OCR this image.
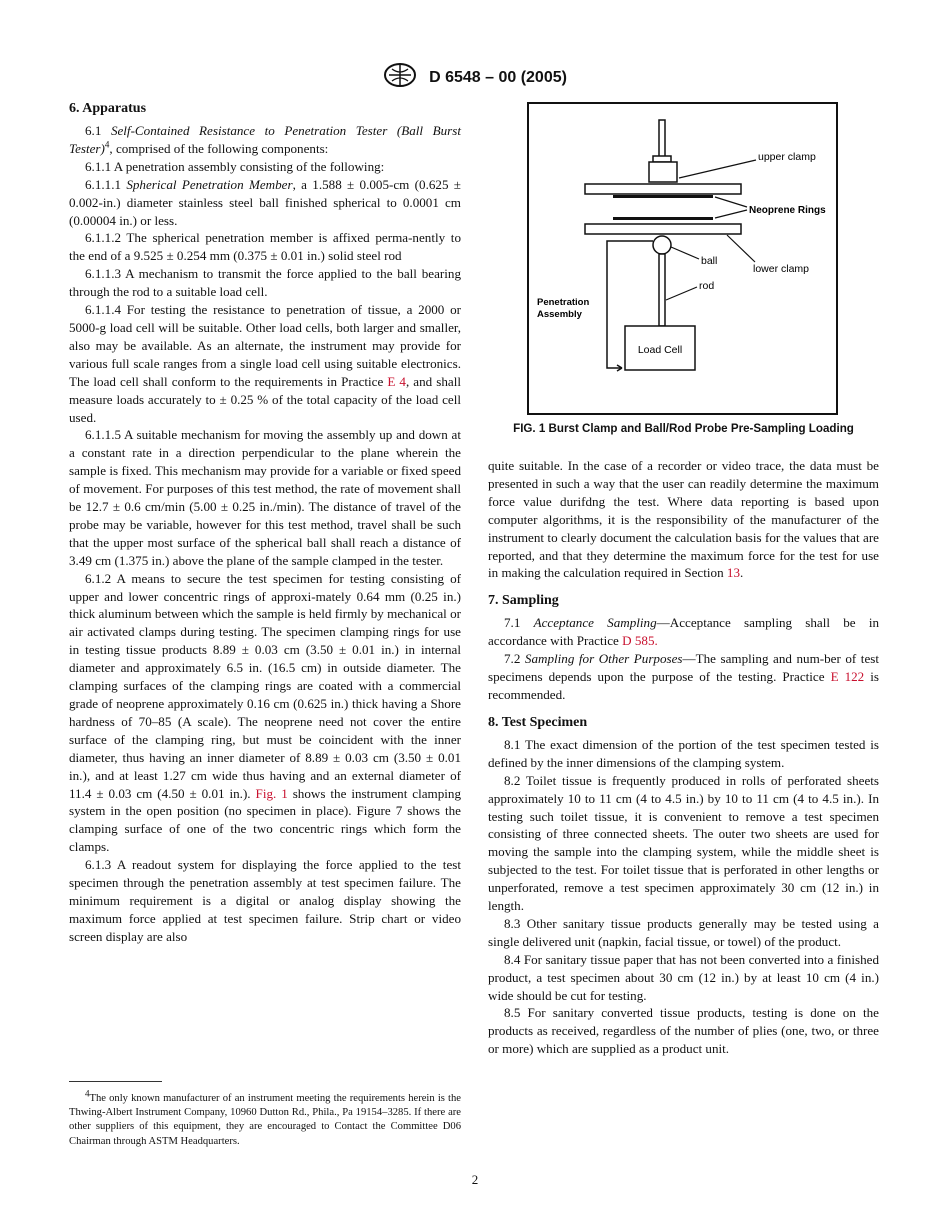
D 6548 – 00 (2005)
6. Apparatus

6.1 Self-Contained Resistance to Penetration Tester (Ball Burst Tester)$^4$, comprised of the following components:

6.1.1 A penetration assembly consisting of the following:

6.1.1.1 Spherical Penetration Member, a 1.588 ± 0.005-cm (0.625 ± 0.002-in.) diameter stainless steel ball finished spherical to 0.0001 cm (0.00004 in.) or less.

6.1.1.2 The spherical penetration member is affixed perma-nently to the end of a 9.525 ± 0.254 mm (0.375 ± 0.01 in.) solid steel rod

6.1.1.3 A mechanism to transmit the force applied to the ball bearing through the rod to a suitable load cell.

6.1.1.4 For testing the resistance to penetration of tissue, a 2000 or 5000-g load cell will be suitable. Other load cells, both larger and smaller, also may be available. As an alternate, the instrument may provide for various full scale ranges from a single load cell using suitable electronics. The load cell shall conform to the requirements in Practice E 4, and shall measure loads accurately to ± 0.25 % of the total capacity of the load cell used.

6.1.1.5 A suitable mechanism for moving the assembly up and down at a constant rate in a direction perpendicular to the plane wherein the sample is fixed. This mechanism may provide for a variable or fixed speed of movement. For purposes of this test method, the rate of movement shall be 12.7 ± 0.6 cm/min (5.00 ± 0.25 in./min). The distance of travel of the probe may be variable, however for this test method, travel shall be such that the upper most surface of the spherical ball shall reach a distance of 3.49 cm (1.375 in.) above the plane of the sample clamped in the tester.

6.1.2 A means to secure the test specimen for testing consisting of upper and lower concentric rings of approxi-mately 0.64 mm (0.25 in.) thick aluminum between which the sample is held firmly by mechanical or air activated clamps during testing. The specimen clamping rings for use in testing tissue products 8.89 ± 0.03 cm (3.50 ± 0.01 in.) in internal diameter and approximately 6.5 in. (16.5 cm) in outside diameter. The clamping surfaces of the clamping rings are coated with a commercial grade of neoprene approximately 0.16 cm (0.625 in.) thick having a Shore hardness of 70–85 (A scale). The neoprene need not cover the entire surface of the clamping ring, but must be coincident with the inner diameter, thus having an inner diameter of 8.89 ± 0.03 cm (3.50 ± 0.01 in.), and at least 1.27 cm wide thus having and an external diameter of 11.4 ± 0.03 cm (4.50 ± 0.01 in.). Fig. 1 shows the instrument clamping system in the open position (no specimen in place). Figure 7 shows the clamping surface of one of the two concentric rings which form the clamps.

6.1.3 A readout system for displaying the force applied to the test specimen through the penetration assembly at test specimen failure. The minimum requirement is a digital or analog display showing the maximum force applied at test specimen failure. Strip chart or video screen display are also

$^4$The only known manufacturer of an instrument meeting the requirements herein is the Thwing-Albert Instrument Company, 10960 Dutton Rd., Phila., Pa 19154–3285. If there are other suppliers of this equipment, they are encouraged to Contact the Committee D06 Chairman through ASTM Headquarters.
Load Cell
upper clamp
Neoprene Rings
ball
lower clamp
rod
Penetration
Assembly
FIG. 1 Burst Clamp and Ball/Rod Probe Pre-Sampling Loading

quite suitable. In the case of a recorder or video trace, the data must be presented in such a way that the user can readily determine the maximum force value durifdng the test. Where data reporting is based upon computer algorithms, it is the responsibility of the manufacturer of the instrument to clearly document the calculation basis for the values that are reported, and that they determine the maximum force for the test for use in making the calculation required in Section 13.

7. Sampling

7.1 Acceptance Sampling—Acceptance sampling shall be in accordance with Practice D 585.

7.2 Sampling for Other Purposes—The sampling and num-ber of test specimens depends upon the purpose of the testing. Practice E 122 is recommended.

8. Test Specimen

8.1 The exact dimension of the portion of the test specimen tested is defined by the inner dimensions of the clamping system.

8.2 Toilet tissue is frequently produced in rolls of perforated sheets approximately 10 to 11 cm (4 to 4.5 in.) by 10 to 11 cm (4 to 4.5 in.). In testing such toilet tissue, it is convenient to remove a test specimen consisting of three connected sheets. The outer two sheets are used for moving the sample into the clamping system, while the middle sheet is subjected to the test. For toilet tissue that is perforated in other lengths or unperforated, remove a test specimen approximately 30 cm (12 in.) in length.

8.3 Other sanitary tissue products generally may be tested using a single delivered unit (napkin, facial tissue, or towel) of the product.

8.4 For sanitary tissue paper that has not been converted into a finished product, a test specimen about 30 cm (12 in.) by at least 10 cm (4 in.) wide should be cut for testing.

8.5 For sanitary converted tissue products, testing is done on the products as received, regardless of the number of plies (one, two, or three or more) which are supplied as a product unit.

2
